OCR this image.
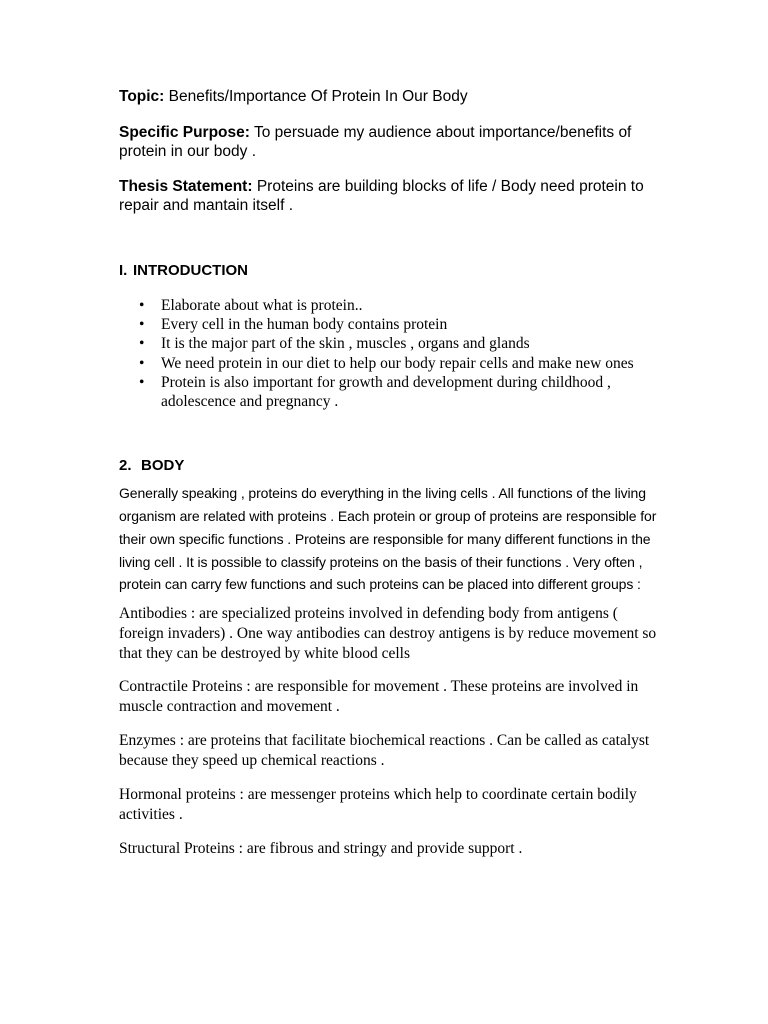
Topic: Benefits/Importance Of Protein In Our Body

Specific Purpose: To persuade my audience about importance/benefits of protein in our body .

Thesis Statement: Proteins are building blocks of life / Body need protein to repair and mantain itself .

I. INTRODUCTION

• Elaborate about what is protein..
• Every cell in the human body contains protein
• It is the major part of the skin , muscles , organs and glands
• We need protein in our diet to help our body repair cells and make new ones
• Protein is also important for growth and development during childhood , adolescence and pregnancy .

2. BODY

Generally speaking , proteins do everything in the living cells . All functions of the living organism are related with proteins . Each protein or group of proteins are responsible for their own specific functions . Proteins are responsible for many different functions in the living cell . It is possible to classify proteins on the basis of their functions . Very often , protein can carry few functions and such proteins can be placed into different groups :

Antibodies : are specialized proteins involved in defending body from antigens ( foreign invaders) . One way antibodies can destroy antigens is by reduce movement so that they can be destroyed by white blood cells

Contractile Proteins : are responsible for movement . These proteins are involved in muscle contraction and movement .

Enzymes : are proteins that facilitate biochemical reactions . Can be called as catalyst because they speed up chemical reactions .

Hormonal proteins : are messenger proteins which help to coordinate certain bodily activities .

Structural Proteins : are fibrous and stringy and provide support .
